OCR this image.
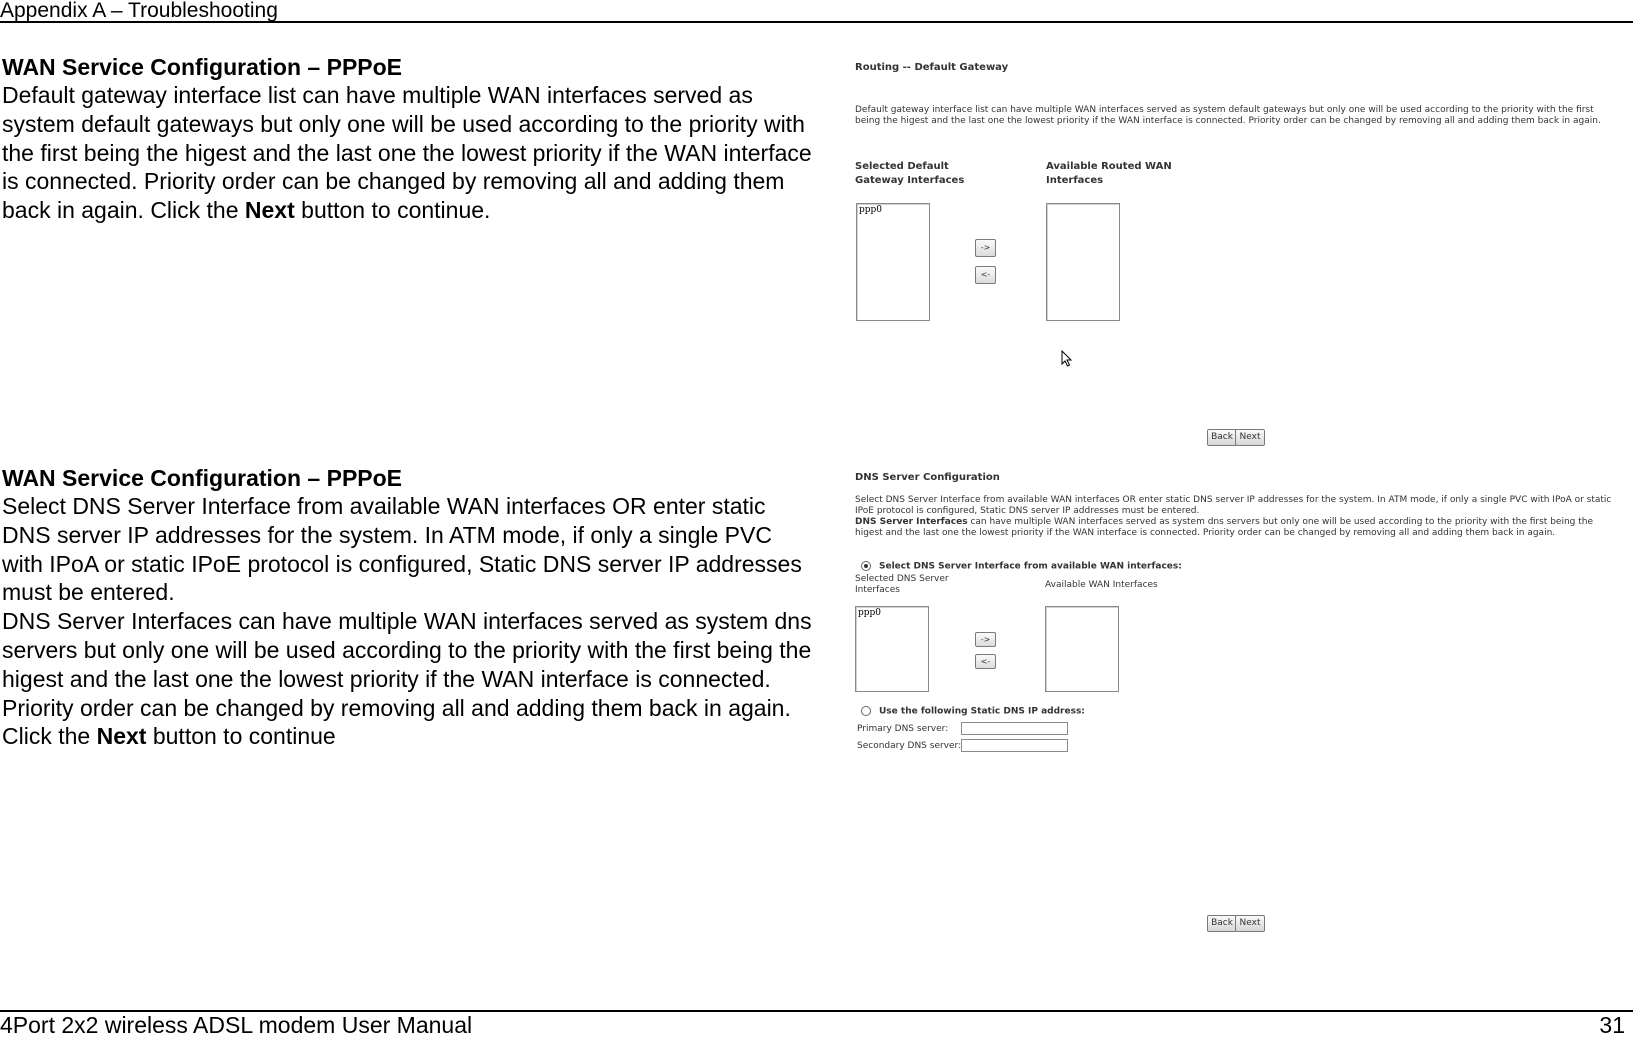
Appendix A – Troubleshooting
WAN Service Configuration – PPPoE

Default gateway interface list can have multiple WAN interfaces served as system default gateways but only one will be used according to the priority with the first being the higest and the last one the lowest priority if the WAN interface is connected. Priority order can be changed by removing all and adding them back in again. Click the Next button to continue.

WAN Service Configuration – PPPoE

Select DNS Server Interface from available WAN interfaces OR enter static DNS server IP addresses for the system. In ATM mode, if only a single PVC with IPoA or static IPoE protocol is configured, Static DNS server IP addresses must be entered.

DNS Server Interfaces can have multiple WAN interfaces served as system dns servers but only one will be used according to the priority with the first being the higest and the last one the lowest priority if the WAN interface is connected. Priority order can be changed by removing all and adding them back in again. Click the Next button to continue

Routing -- Default Gateway
Default gateway interface list can have multiple WAN interfaces served as system default gateways but only one will be used according to the priority with the first being the higest and the last one the lowest priority if the WAN interface is connected. Priority order can be changed by removing all and adding them back in again.
Selected Default
Gateway Interfaces
Available Routed WAN
Interfaces
ppp0
->
<-
Back Next
DNS Server Configuration
Select DNS Server Interface from available WAN interfaces OR enter static DNS server IP addresses for the system. In ATM mode, if only a single PVC with IPoA or static IPoE protocol is configured, Static DNS server IP addresses must be entered.
DNS Server Interfaces can have multiple WAN interfaces served as system dns servers but only one will be used according to the priority with the first being the higest and the last one the lowest priority if the WAN interface is connected. Priority order can be changed by removing all and adding them back in again.
Select DNS Server Interface from available WAN interfaces:
Selected DNS Server
Interfaces	Available WAN Interfaces
ppp0
->
<-
Use the following Static DNS IP address:
Primary DNS server:
Secondary DNS server:
Back Next
4Port 2x2 wireless ADSL modem User Manual	31
